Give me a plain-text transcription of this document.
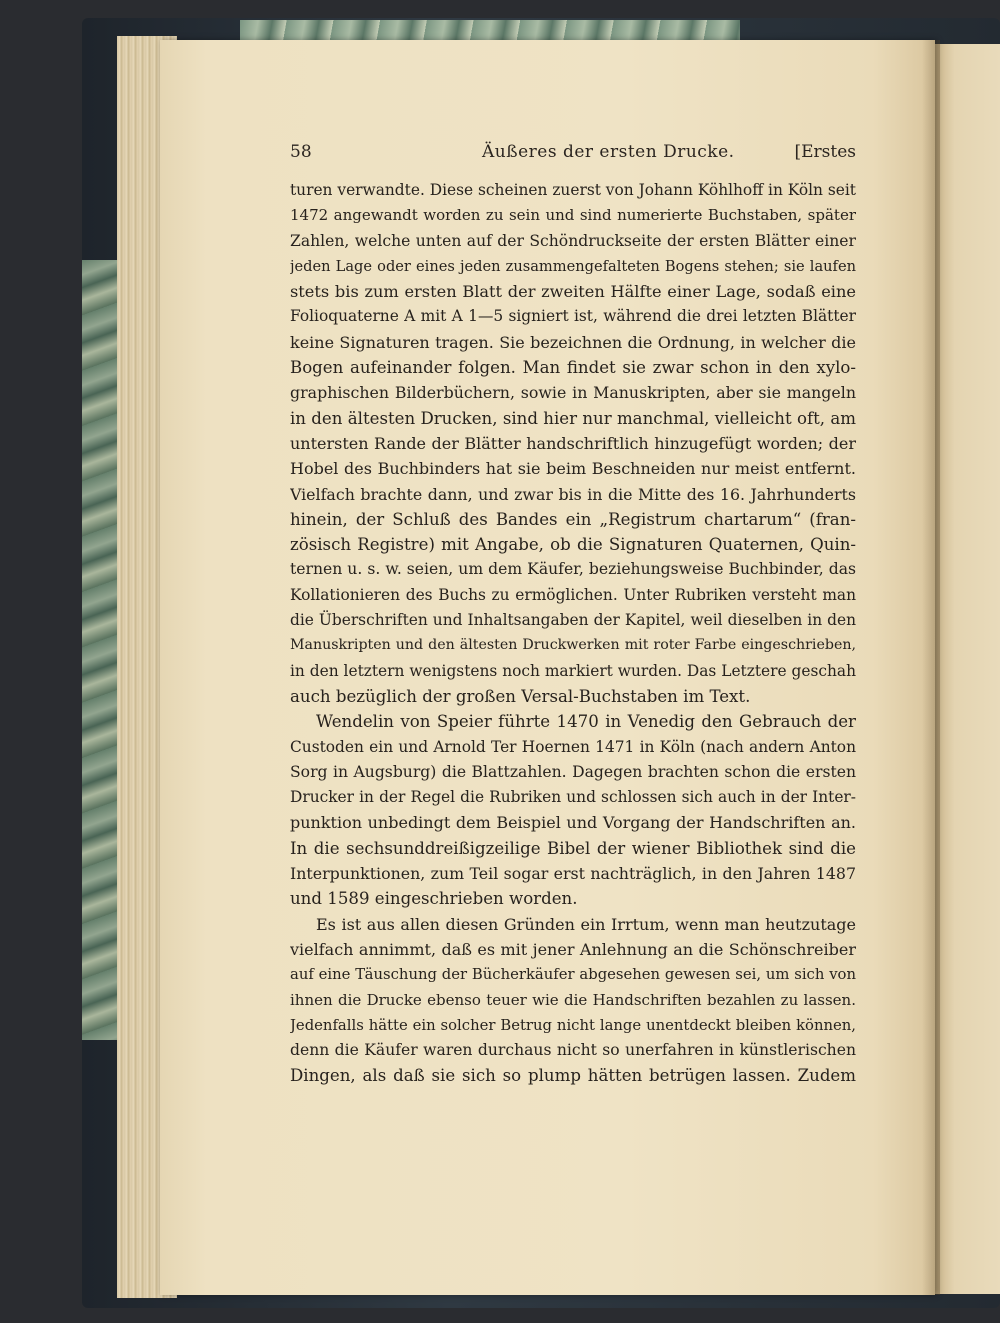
58	Äußeres der ersten Drucke.	[Erstes
turen verwandte. Diese scheinen zuerst von Johann Köhlhoff in Köln seit
1472 angewandt worden zu sein und sind numerierte Buchstaben, später
Zahlen, welche unten auf der Schöndruckseite der ersten Blätter einer
jeden Lage oder eines jeden zusammengefalteten Bogens stehen; sie laufen
stets bis zum ersten Blatt der zweiten Hälfte einer Lage, sodaß eine
Folioquaterne A mit A 1—5 signiert ist, während die drei letzten Blätter
keine Signaturen tragen. Sie bezeichnen die Ordnung, in welcher die
Bogen aufeinander folgen. Man findet sie zwar schon in den xylo-
graphischen Bilderbüchern, sowie in Manuskripten, aber sie mangeln
in den ältesten Drucken, sind hier nur manchmal, vielleicht oft, am
untersten Rande der Blätter handschriftlich hinzugefügt worden; der
Hobel des Buchbinders hat sie beim Beschneiden nur meist entfernt.
Vielfach brachte dann, und zwar bis in die Mitte des 16. Jahrhunderts
hinein, der Schluß des Bandes ein „Registrum chartarum“ (fran-
zösisch Registre) mit Angabe, ob die Signaturen Quaternen, Quin-
ternen u. s. w. seien, um dem Käufer, beziehungsweise Buchbinder, das
Kollationieren des Buchs zu ermöglichen. Unter Rubriken versteht man
die Überschriften und Inhaltsangaben der Kapitel, weil dieselben in den
Manuskripten und den ältesten Druckwerken mit roter Farbe eingeschrieben,
in den letztern wenigstens noch markiert wurden. Das Letztere geschah
auch bezüglich der großen Versal-Buchstaben im Text.
Wendelin von Speier führte 1470 in Venedig den Gebrauch der
Custoden ein und Arnold Ter Hoernen 1471 in Köln (nach andern Anton
Sorg in Augsburg) die Blattzahlen. Dagegen brachten schon die ersten
Drucker in der Regel die Rubriken und schlossen sich auch in der Inter-
punktion unbedingt dem Beispiel und Vorgang der Handschriften an.
In die sechsunddreißigzeilige Bibel der wiener Bibliothek sind die
Interpunktionen, zum Teil sogar erst nachträglich, in den Jahren 1487
und 1589 eingeschrieben worden.
Es ist aus allen diesen Gründen ein Irrtum, wenn man heutzutage
vielfach annimmt, daß es mit jener Anlehnung an die Schönschreiber
auf eine Täuschung der Bücherkäufer abgesehen gewesen sei, um sich von
ihnen die Drucke ebenso teuer wie die Handschriften bezahlen zu lassen.
Jedenfalls hätte ein solcher Betrug nicht lange unentdeckt bleiben können,
denn die Käufer waren durchaus nicht so unerfahren in künstlerischen
Dingen, als daß sie sich so plump hätten betrügen lassen. Zudem
